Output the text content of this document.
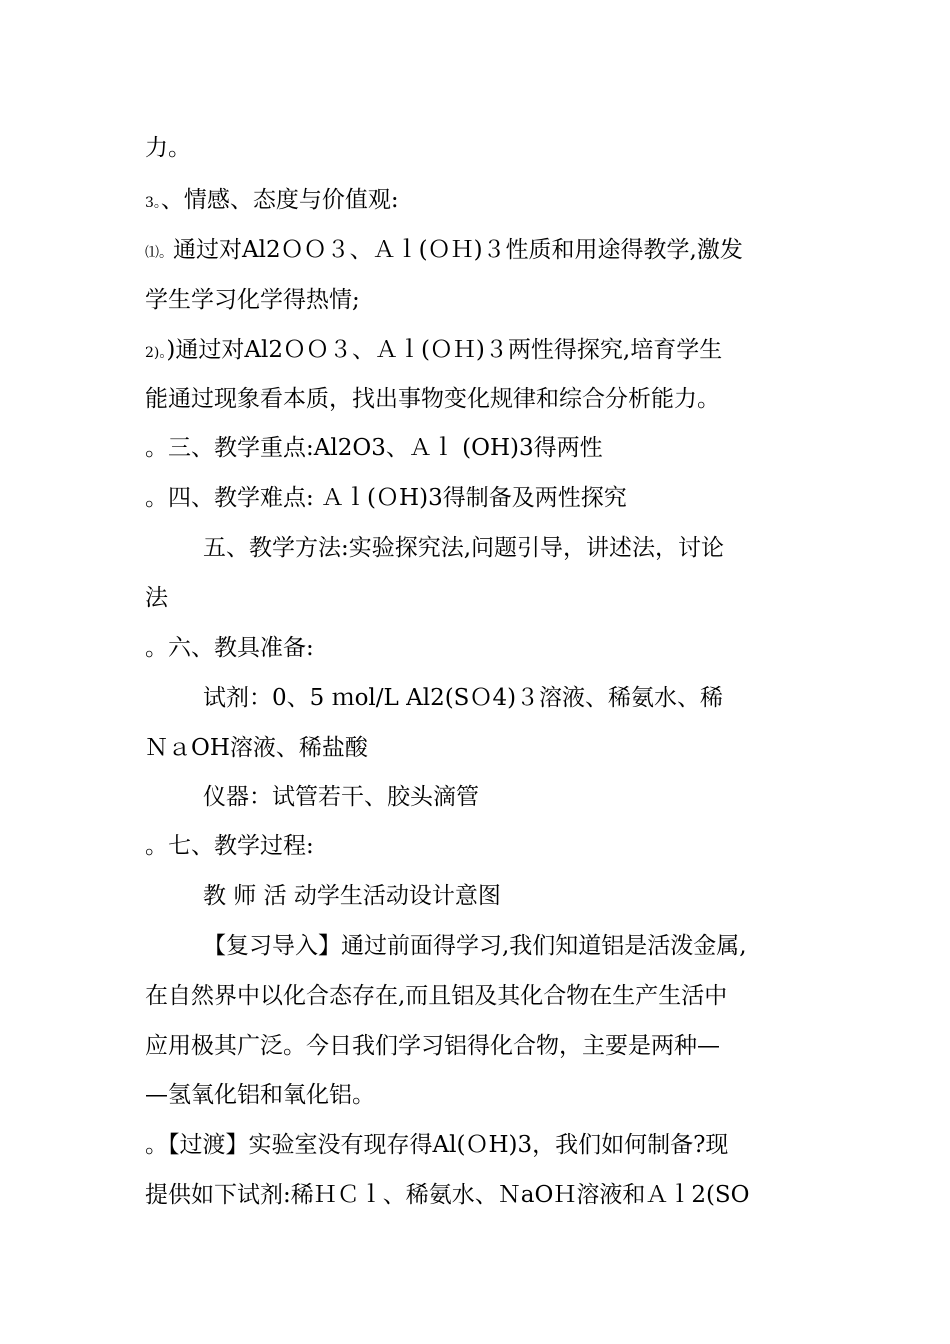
力。
3。、情感、态度与价值观:
⑴。通过对Al2ＯＯ３、Ａｌ(ＯＨ)３性质和用途得教学,激发
学生学习化学得热情;
2)。)通过对Al2ＯＯ３、Ａｌ(ＯＨ)３两性得探究,培育学生
能通过现象看本质，找出事物变化规律和综合分析能力。
。三、教学重点:Al2O3、Ａｌ (OH)3得两性
。四、教学难点: Ａｌ(ＯH)3得制备及两性探究
五、教学方法:实验探究法,问题引导，讲述法，讨论
法
。六、教具准备:
试剂：0、5 ｍol/L Al2(SＯ4)３溶液、稀氨水、稀
ＮａOH溶液、稀盐酸
仪器：试管若干、胶头滴管
。七、教学过程:
教 师 活 动学生活动设计意图
【复习导入】通过前面得学习,我们知道铝是活泼金属,
在自然界中以化合态存在,而且铝及其化合物在生产生活中
应用极其广泛。今日我们学习铝得化合物，主要是两种—
—氢氧化铝和氧化铝。
。【过渡】实验室没有现存得Al(ＯH)3，我们如何制备?现
提供如下试剂:稀ＨＣｌ、稀氨水、ＮaOＨ溶液和Ａｌ2(SO
